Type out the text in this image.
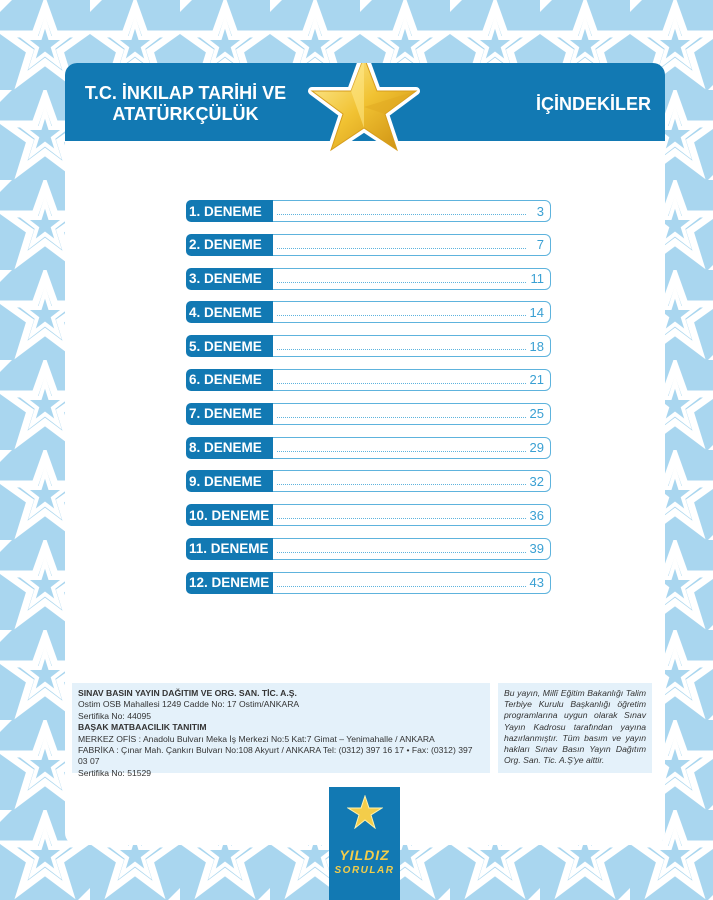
T.C. İNKILAP TARİHİ VE
ATATÜRKÇÜLÜK	İÇİNDEKİLER
1. DENEME	3
2. DENEME	7
3. DENEME	11
4. DENEME	14
5. DENEME	18
6. DENEME	21
7. DENEME	25
8. DENEME	29
9. DENEME	32
10. DENEME	36
11. DENEME	39
12. DENEME	43
SINAV BASIN YAYIN DAĞITIM VE ORG. SAN. TİC. A.Ş.
Ostim OSB Mahallesi 1249 Cadde No: 17 Ostim/ANKARA
Sertifika No: 44095
BAŞAK MATBAACILIK TANITIM
MERKEZ OFİS : Anadolu Bulvarı Meka İş Merkezi No:5 Kat:7 Gimat – Yenimahalle / ANKARA
FABRİKA : Çınar Mah. Çankırı Bulvarı No:108 Akyurt / ANKARA Tel: (0312) 397 16 17 • Fax: (0312) 397 03 07
Sertifika No: 51529
Bu yayın, Millî Eğitim Bakanlığı Talim Terbiye Kurulu Başkanlığı öğretim programlarına uygun olarak Sınav Yayın Kadrosu tarafından yayına hazırlanmıştır. Tüm basım ve yayın hakları Sınav Basın Yayın Dağıtım Org. San. Tic. A.Ş'ye aittir.
YILDIZ
SORULAR
